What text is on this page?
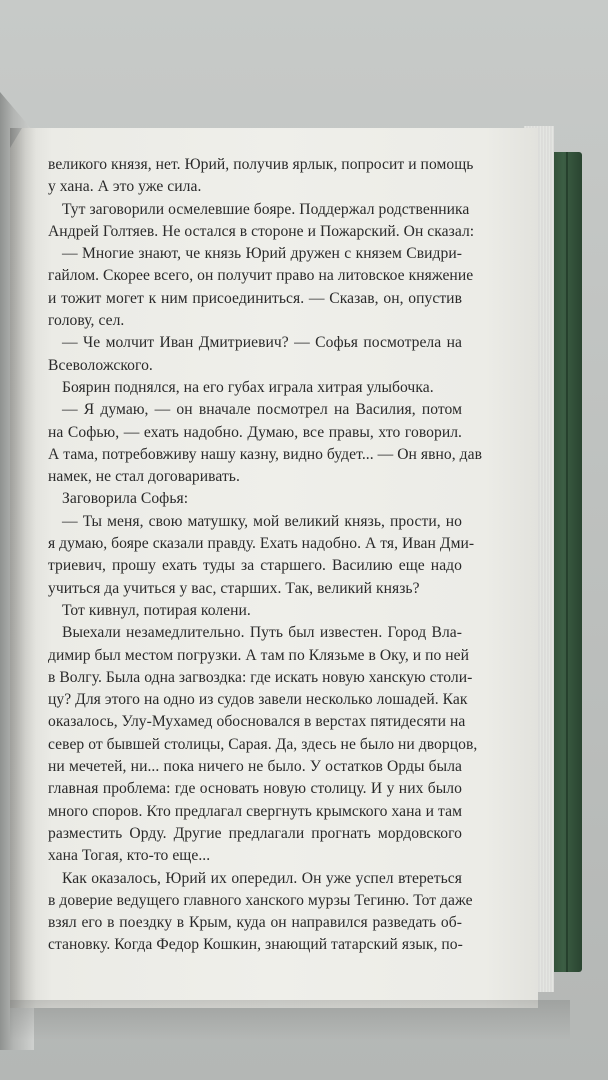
великого князя, нет. Юрий, получив ярлык, попросит и помощь
у хана. А это уже сила.
Тут заговорили осмелевшие бояре. Поддержал родственника
Андрей Голтяев. Не остался в стороне и Пожарский. Он сказал:
— Многие знают, че князь Юрий дружен с князем Свидри-
гайлом. Скорее всего, он получит право на литовское княжение
и тожит могет к ним присоединиться. — Сказав, он, опустив
голову, сел.
— Че молчит Иван Дмитриевич? — Софья посмотрела на
Всеволожского.
Боярин поднялся, на его губах играла хитрая улыбочка.
— Я думаю, — он вначале посмотрел на Василия, потом
на Софью, — ехать надобно. Думаю, все правы, хто говорил.
А тама, потребовживу нашу казну, видно будет... — Он явно, дав
намек, не стал договаривать.
Заговорила Софья:
— Ты меня, свою матушку, мой великий князь, прости, но
я думаю, бояре сказали правду. Ехать надобно. А тя, Иван Дми-
триевич, прошу ехать туды за старшего. Василию еще надо
учиться да учиться у вас, старших. Так, великий князь?
Тот кивнул, потирая колени.
Выехали незамедлительно. Путь был известен. Город Вла-
димир был местом погрузки. А там по Клязьме в Оку, и по ней
в Волгу. Была одна загвоздка: где искать новую ханскую столи-
цу? Для этого на одно из судов завели несколько лошадей. Как
оказалось, Улу-Мухамед обосновался в верстах пятидесяти на
север от бывшей столицы, Сарая. Да, здесь не было ни дворцов,
ни мечетей, ни... пока ничего не было. У остатков Орды была
главная проблема: где основать новую столицу. И у них было
много споров. Кто предлагал свергнуть крымского хана и там
разместить Орду. Другие предлагали прогнать мордовского
хана Тогая, кто-то еще...
Как оказалось, Юрий их опередил. Он уже успел втереться
в доверие ведущего главного ханского мурзы Тегиню. Тот даже
взял его в поездку в Крым, куда он направился разведать об-
становку. Когда Федор Кошкин, знающий татарский язык, по-
